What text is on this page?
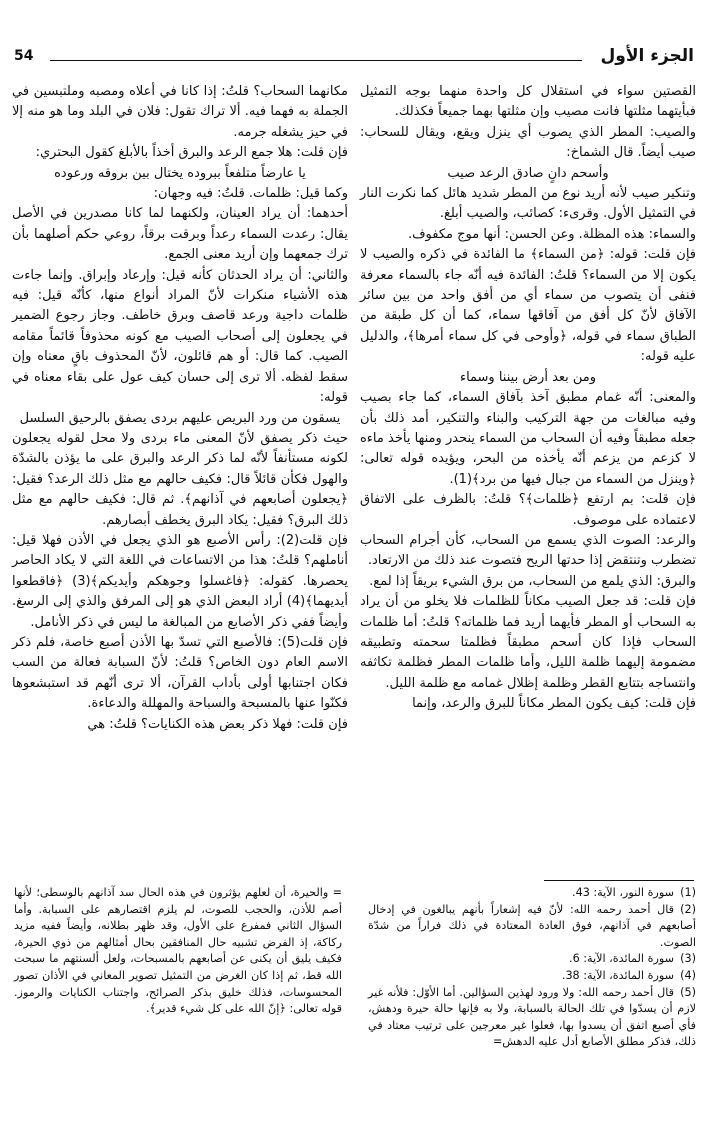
الجزء الأول
54

القصتين سواء في استقلال كل واحدة منهما بوجه التمثيل فبأيتهما مثلتها فانت مصيب وإن مثلتها بهما جميعاً فكذلك.

والصيب: المطر الذي يصوب أي ينزل ويقع، ويقال للسحاب: صيب أيضاً. قال الشماخ:

وأسحم دانٍ صادق الرعد صيب

وتنكير صيب لأنه أريد نوع من المطر شديد هائل كما نكرت النار في التمثيل الأول. وقرىء: كصائب، والصيب أبلغ.

والسماء: هذه المظلة. وعن الحسن: أنها موج مكفوف.

فإن قلت: قوله: ﴿من السماء﴾ ما الفائدة في ذكره والصيب لا يكون إلا من السماء؟ قلتُ: الفائدة فيه أنّه جاء بالسماء معرفة فنفى أن يتصوب من سماء أي من أفق واحد من بين سائر الآفاق لأنّ كل أفق من آفاقها سماء، كما أن كل طبقة من الطباق سماء في قوله، ﴿وأوحى في كل سماء أمرها﴾، والدليل عليه قوله:

ومن بعد أرض بيننا وسماء

والمعنى: أنّه غمام مطبق آخذ بآفاق السماء، كما جاء بصيب وفيه مبالغات من جهة التركيب والبناء والتنكير، أمد ذلك بأن جعله مطبقاً وفيه أن السحاب من السماء ينحدر ومنها يأخذ ماءه لا كزعم من يزعم أنّه يأخذه من البحر، ويؤيده قوله تعالى: ﴿وينزل من السماء من جبال فيها من برد﴾(1).

فإن قلت: بم ارتفع ﴿ظلمات﴾؟ قلتُ: بالظرف على الاتفاق لاعتماده على موصوف.

والرعد: الصوت الذي يسمع من السحاب، كأن أجرام السحاب تضطرب وتنتقض إذا حدتها الريح فتصوت عند ذلك من الارتعاد.

والبرق: الذي يلمع من السحاب، من برق الشيء بريقاً إذا لمع.

فإن قلت: قد جعل الصيب مكاناً للظلمات فلا يخلو من أن يراد به السحاب أو المطر فأيهما أريد فما ظلماته؟ قلتُ: أما ظلمات السحاب فإذا كان أسحم مطبقاً فظلمتا سحمته وتطبيقه مضمومة إليهما ظلمة الليل، وأما ظلمات المطر فظلمة تكاثفه وانتساجه بتتابع القطر وظلمة إظلال غمامه مع ظلمة الليل.

فإن قلت: كيف يكون المطر مكاناً للبرق والرعد، وإنما

مكانهما السحاب؟ قلتُ: إذا كانا في أعلاه ومصبه وملتبسين في الجملة به فهما فيه. ألا تراك تقول: فلان في البلد وما هو منه إلا في حيز يشغله جرمه.

فإن قلت: هلا جمع الرعد والبرق أخذاً بالأبلغ كقول البحتري:

يا عارضاً متلفعاً ببروده يختال بين بروقه ورعوده

وكما قيل: ظلمات. قلتُ: فيه وجهان:

أحدهما: أن يراد العينان، ولكنهما لما كانا مصدرين في الأصل يقال: رعدت السماء رعداً وبرقت برقاً، روعي حكم أصلهما بأن ترك جمعهما وإن أريد معنى الجمع.

والثاني: أن يراد الحدثان كأنه قيل: وإرعاد وإبراق. وإنما جاءت هذه الأشياء منكرات لأنّ المراد أنواع منها، كأنّه قيل: فيه ظلمات داجية ورعد قاصف وبرق خاطف. وجاز رجوع الضمير في يجعلون إلى أصحاب الصيب مع كونه محذوفاً قائماً مقامه الصيب. كما قال: أو هم قائلون، لأنّ المحذوف باقٍ معناه وإن سقط لفظه. ألا ترى إلى حسان كيف عول على بقاء معناه في قوله:

يسقون من ورد البريص عليهم بردى يصفق بالرحيق السلسل

حيث ذكر يصفق لأنّ المعنى ماء بردى ولا محل لقوله يجعلون لكونه مستأنفاً لأنّه لما ذكر الرعد والبرق على ما يؤذن بالشدّة والهول فكأن قائلاً قال: فكيف حالهم مع مثل ذلك الرعد؟ فقيل: ﴿يجعلون أصابعهم في آذانهم﴾. ثم قال: فكيف حالهم مع مثل ذلك البرق؟ فقيل: يكاد البرق يخطف أبصارهم.

فإن قلت(2): رأس الأصبع هو الذي يجعل في الأذن فهلا قيل: أناملهم؟ قلتُ: هذا من الاتساعات في اللغة التي لا يكاد الحاصر يحصرها. كقوله: ﴿فاغسلوا وجوهكم وأيديكم﴾(3) ﴿فاقطعوا أيديهما﴾(4) أراد البعض الذي هو إلى المرفق والذي إلى الرسغ. وأيضاً ففي ذكر الأصابع من المبالغة ما ليس في ذكر الأنامل.

فإن قلت(5): فالأصبع التي تسدّ بها الأذن أصبع خاصة، فلم ذكر الاسم العام دون الخاص؟ قلتُ: لأنّ السبابة فعالة من السب فكان اجتنابها أولى بأداب القرآن، ألا ترى أنّهم قد استبشعوها فكنّوا عنها بالمسبحة والسباحة والمهللة والدعاءة.

فإن قلت: فهلا ذكر بعض هذه الكنايات؟ قلتُ: هي

(1)سورة النور، الآية: 43.

(2)قال أحمد رحمه الله: لأنّ فيه إشعاراً بأنهم يبالغون في إدخال أصابعهم في آذانهم، فوق العادة المعتادة في ذلك فراراً من شدّة الصوت.

(3)سورة المائدة، الآية: 6.

(4)سورة المائدة، الآية: 38.

(5)قال أحمد رحمه الله: ولا ورود لهذين السؤالين. أما الأوّل: فلأنه غير لازم أن يسدّوا في تلك الحالة بالسبابة، ولا به فإنها حالة حيرة ودهش، فأي أصبع اتفق أن يسدوا بها، فعلوا غير معرجين على ترتيب معتاد في ذلك، فذكر مطلق الأصابع أدل عليه الدهش=

= والحيرة، أن لعلهم يؤثرون في هذه الحال سد آذانهم بالوسطى؛ لأنها أصم للأذن، والحجب للصوت، لم يلزم اقتصارهم على السبابة. وأما السؤال الثاني فمفرع على الأول، وقد ظهر بطلانه، وأيضاً ففيه مزيد ركاكة، إذ الفرض تشبيه حال المنافقين بحال أمثالهم من ذوي الحيرة، فكيف يليق أن يكنى عن أصابعهم بالمسبحات، ولعل ألسنتهم ما سبحت الله قط، ثم إذا كان الغرض من التمثيل تصوير المعاني في الأذان تصور المحسوسات، فذلك خليق بذكر الصرائح، واجتناب الكنايات والرموز. قوله تعالى: ﴿إنّ الله على كل شيء قدير﴾.
